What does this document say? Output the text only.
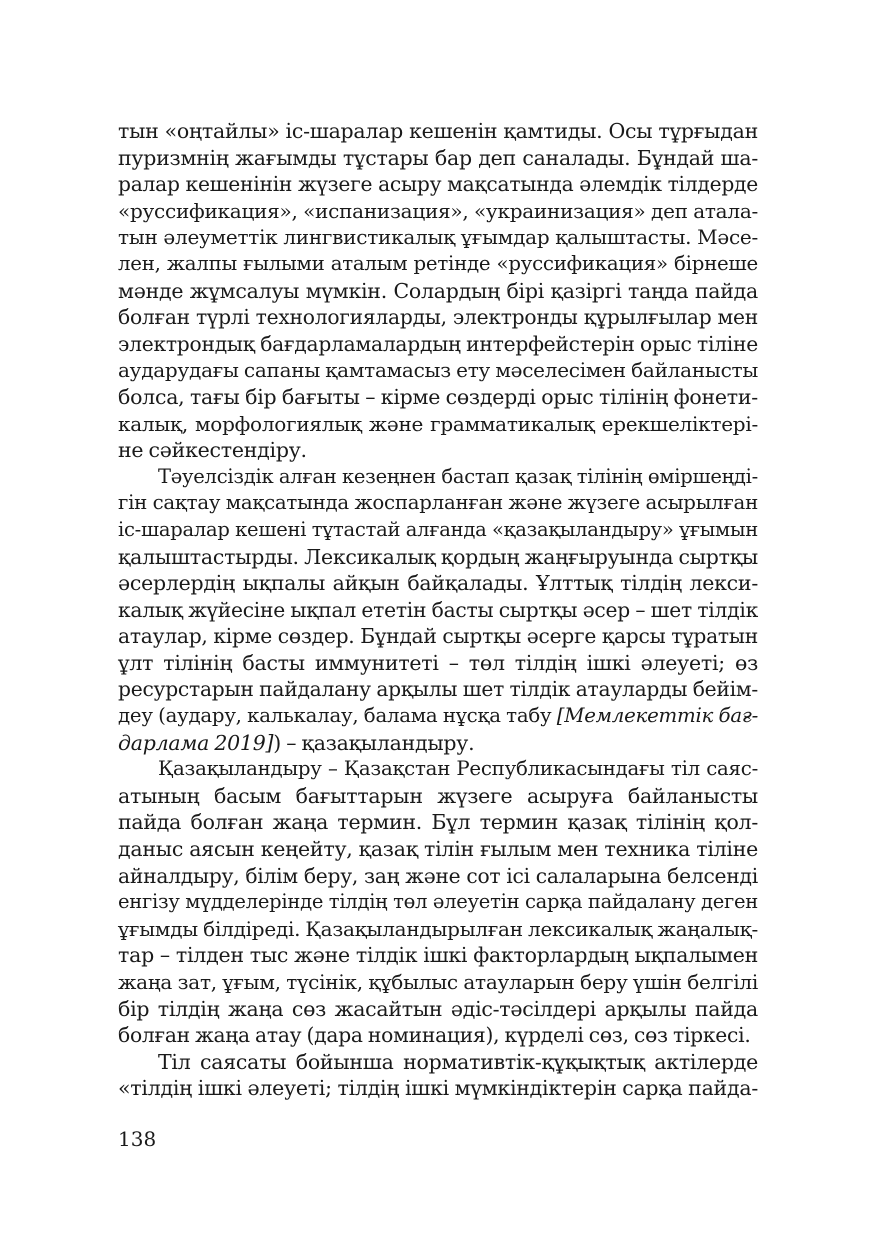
тын «оңтайлы» іс-шаралар кешенін қамтиды. Осы тұрғыдан
пуризмнің жағымды тұстары бар деп саналады. Бұндай ша-
ралар кешенінін жүзеге асыру мақсатында әлемдік тілдерде
«руссификация», «испанизация», «украинизация» деп атала-
тын әлеуметтік лингвистикалық ұғымдар қалыштасты. Мәсе-
лен, жалпы ғылыми аталым ретінде «руссификация» бірнеше
мәнде жұмсалуы мүмкін. Солардың бірі қазіргі таңда пайда
болған түрлі технологияларды, электронды құрылғылар мен
электрондық бағдарламалардың интерфейстерін орыс тіліне
аударудағы сапаны қамтамасыз ету мәселесімен байланысты
болса, тағы бір бағыты – кірме сөздерді орыс тілінің фонети-
калық, морфологиялық және грамматикалық ерекшеліктері-
не сәйкестендіру.
Тәуелсіздік алған кезеңнен бастап қазақ тілінің өміршеңді-
гін сақтау мақсатында жоспарланған және жүзеге асырылған
іс-шаралар кешені тұтастай алғанда «қазақыландыру» ұғымын
қалыштастырды. Лексикалық қордың жаңғыруында сыртқы
әсерлердің ықпалы айқын байқалады. Ұлттық тілдің лекси-
калық жүйесіне ықпал ететін басты сыртқы әсер – шет тілдік
атаулар, кірме сөздер. Бұндай сыртқы әсерге қарсы тұратын
ұлт тілінің басты иммунитеті – төл тілдің ішкі әлеуеті; өз
ресурстарын пайдалану арқылы шет тілдік атауларды бейім-
деу (аудару, калькалау, балама нұсқа табу [Мемлекеттік бағ-
дарлама 2019]) – қазақыландыру.
Қазақыландыру – Қазақстан Республикасындағы тіл саяс-
атының басым бағыттарын жүзеге асыруға байланысты
пайда болған жаңа термин. Бұл термин қазақ тілінің қол-
даныс аясын кеңейту, қазақ тілін ғылым мен техника тіліне
айналдыру, білім беру, заң және сот ісі салаларына белсенді
енгізу мүдделерінде тілдің төл әлеуетін сарқа пайдалану деген
ұғымды білдіреді. Қазақыландырылған лексикалық жаңалық-
тар – тілден тыс және тілдік ішкі факторлардың ықпалымен
жаңа зат, ұғым, түсінік, құбылыс атауларын беру үшін белгілі
бір тілдің жаңа сөз жасайтын әдіс-тәсілдері арқылы пайда
болған жаңа атау (дара номинация), күрделі сөз, сөз тіркесі.
Тіл саясаты бойынша нормативтік-құқықтық актілерде
«тілдің ішкі әлеуеті; тілдің ішкі мүмкіндіктерін сарқа пайда-
138
